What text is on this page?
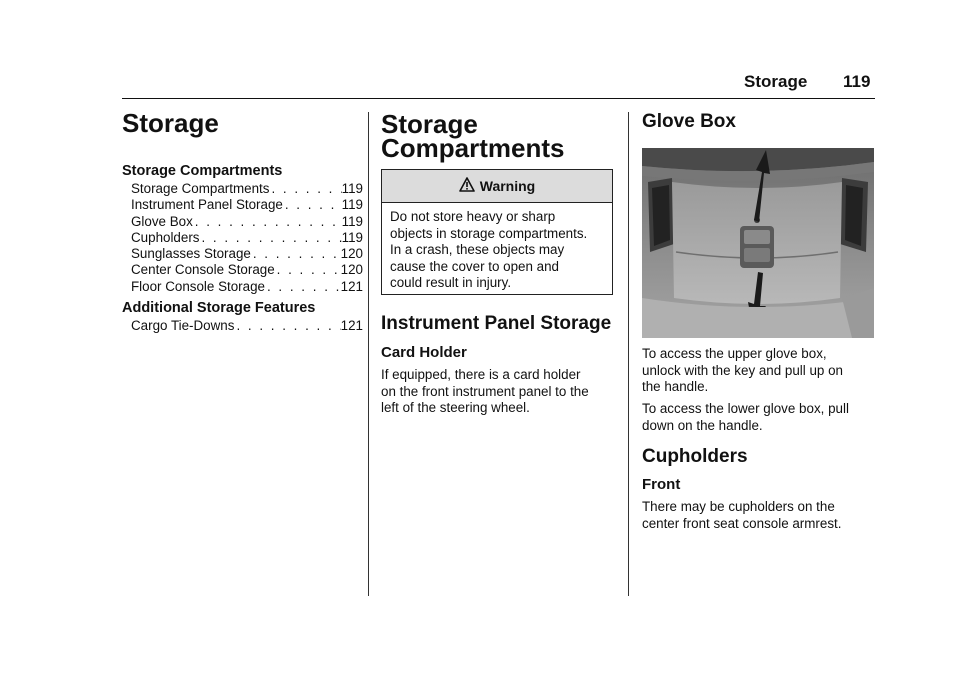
Storage 119
Storage
Storage Compartments
Storage Compartments . . .	119
Instrument Panel Storage . . .	119
Glove Box . . .	119
Cupholders . . .	119
Sunglasses Storage . . .	120
Center Console Storage . . .	120
Floor Console Storage . . .	121
Additional Storage Features
Cargo Tie-Downs . . .	121
Storage
Compartments
Warning
Do not store heavy or sharp
objects in storage compartments.
In a crash, these objects may
cause the cover to open and
could result in injury.
Instrument Panel Storage
Card Holder
If equipped, there is a card holder
on the front instrument panel to the
left of the steering wheel.
Glove Box
To access the upper glove box,
unlock with the key and pull up on
the handle.
To access the lower glove box, pull
down on the handle.
Cupholders
Front
There may be cupholders on the
center front seat console armrest.
